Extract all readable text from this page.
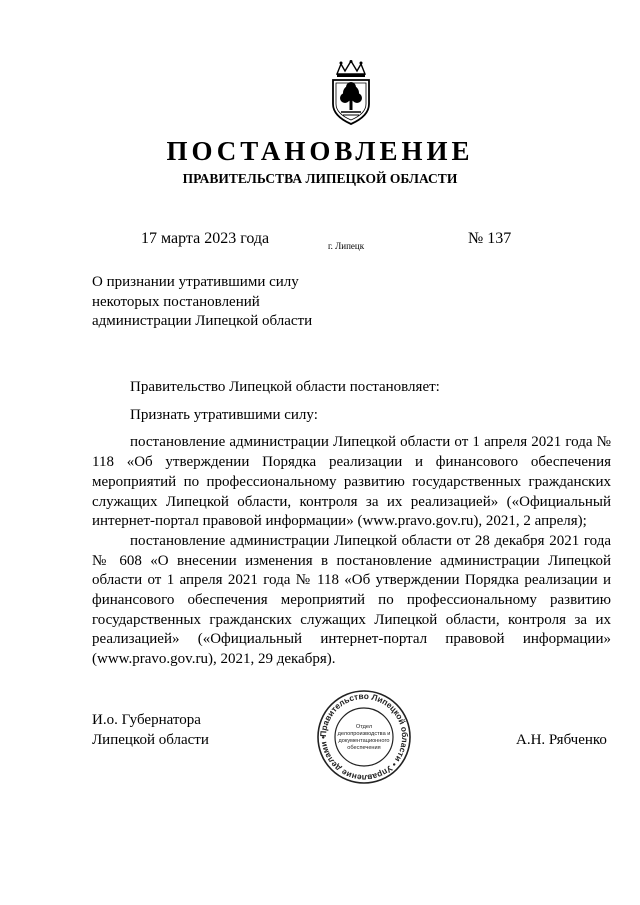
ПОСТАНОВЛЕНИЕ
ПРАВИТЕЛЬСТВА ЛИПЕЦКОЙ ОБЛАСТИ
17 марта 2023 года	г. Липецк	№ 137
О признании утратившими силу
некоторых постановлений
администрации Липецкой области

Правительство Липецкой области постановляет:

Признать утратившими силу:

постановление администрации Липецкой области от 1 апреля 2021 года № 118 «Об утверждении Порядка реализации и финансового обеспечения мероприятий по профессиональному развитию государственных гражданских служащих Липецкой области, контроля за их реализацией» («Официальный интернет-портал правовой информации» (www.pravo.gov.ru), 2021, 2 апреля);

постановление администрации Липецкой области от 28 декабря 2021 года № 608 «О внесении изменения в постановление администрации Липецкой области от 1 апреля 2021 года № 118 «Об утверждении Порядка реализации и финансового обеспечения мероприятий по профессиональному развитию государственных гражданских служащих Липецкой области, контроля за их реализацией» («Официальный интернет-портал правовой информации» (www.pravo.gov.ru), 2021, 29 декабря).

И.о. Губернатора
Липецкой области	А.Н. Рябченко
Правительство Липецкой области • Управление делами •
Отдел
делопроизводства и
документационного
обеспечения
